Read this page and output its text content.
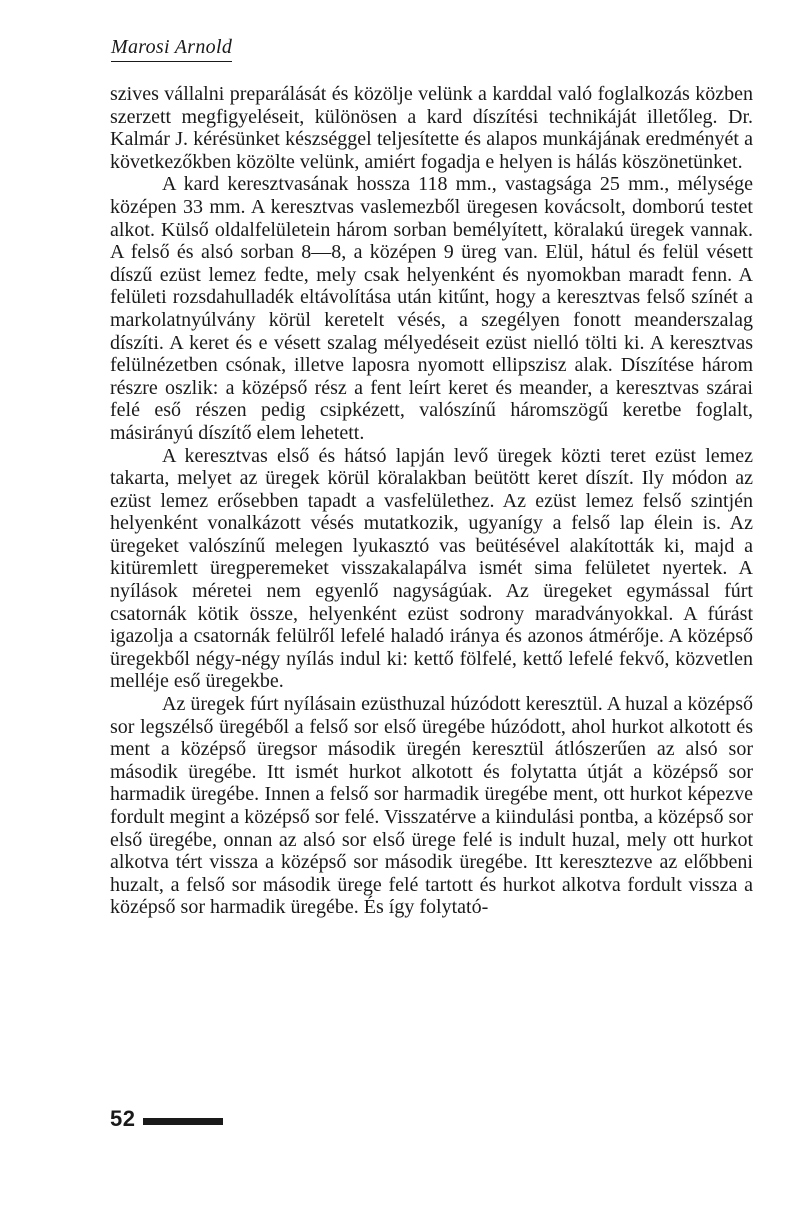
Marosi Arnold

szives vállalni preparálását és közölje velünk a karddal való foglalkozás közben szerzett megfigyeléseit, különösen a kard díszítési technikáját illetőleg. Dr. Kalmár J. kérésünket készséggel teljesítette és alapos munkájának eredményét a következőkben közölte velünk, amiért fogadja e helyen is hálás köszönetünket.

A kard keresztvasának hossza 118 mm., vastagsága 25 mm., mélysége középen 33 mm. A keresztvas vaslemezből üregesen kovácsolt, domború testet alkot. Külső oldalfelületein három sorban bemélyített, köralakú üregek vannak. A felső és alsó sorban 8—8, a középen 9 üreg van. Elül, hátul és felül vésett díszű ezüst lemez fedte, mely csak helyenként és nyomokban maradt fenn. A felületi rozsdahulladék eltávolítása után kitűnt, hogy a keresztvas felső színét a markolatnyúlvány körül keretelt vésés, a szegélyen fonott meanderszalag díszíti. A keret és e vésett szalag mélyedéseit ezüst nielló tölti ki. A keresztvas felülnézetben csónak, illetve laposra nyomott ellipszisz alak. Díszítése három részre oszlik: a középső rész a fent leírt keret és meander, a keresztvas szárai felé eső részen pedig csipkézett, valószínű háromszögű keretbe foglalt, másirányú díszítő elem lehetett.

A keresztvas első és hátsó lapján levő üregek közti teret ezüst lemez takarta, melyet az üregek körül köralakban beütött keret díszít. Ily módon az ezüst lemez erősebben tapadt a vasfelülethez. Az ezüst lemez felső szintjén helyenként vonalkázott vésés mutatkozik, ugyanígy a felső lap élein is. Az üregeket valószínű melegen lyukasztó vas beütésével alakították ki, majd a kitüremlett üregperemeket visszakalapálva ismét sima felületet nyertek. A nyílások méretei nem egyenlő nagyságúak. Az üregeket egymással fúrt csatornák kötik össze, helyenként ezüst sodrony maradványokkal. A fúrást igazolja a csatornák felülről lefelé haladó iránya és azonos átmérője. A középső üregekből négy-négy nyílás indul ki: kettő fölfelé, kettő lefelé fekvő, közvetlen melléje eső üregekbe.

Az üregek fúrt nyílásain ezüsthuzal húzódott keresztül. A huzal a középső sor legszélső üregéből a felső sor első üregébe húzódott, ahol hurkot alkotott és ment a középső üregsor második üregén keresztül átlószerűen az alsó sor második üregébe. Itt ismét hurkot alkotott és folytatta útját a középső sor harmadik üregébe. Innen a felső sor harmadik üregébe ment, ott hurkot képezve fordult megint a középső sor felé. Visszatérve a kiindulási pontba, a középső sor első üregébe, onnan az alsó sor első ürege felé is indult huzal, mely ott hurkot alkotva tért vissza a középső sor második üregébe. Itt keresztezve az előbbeni huzalt, a felső sor második ürege felé tartott és hurkot alkotva fordult vissza a középső sor harmadik üregébe. És így folytató-

52
